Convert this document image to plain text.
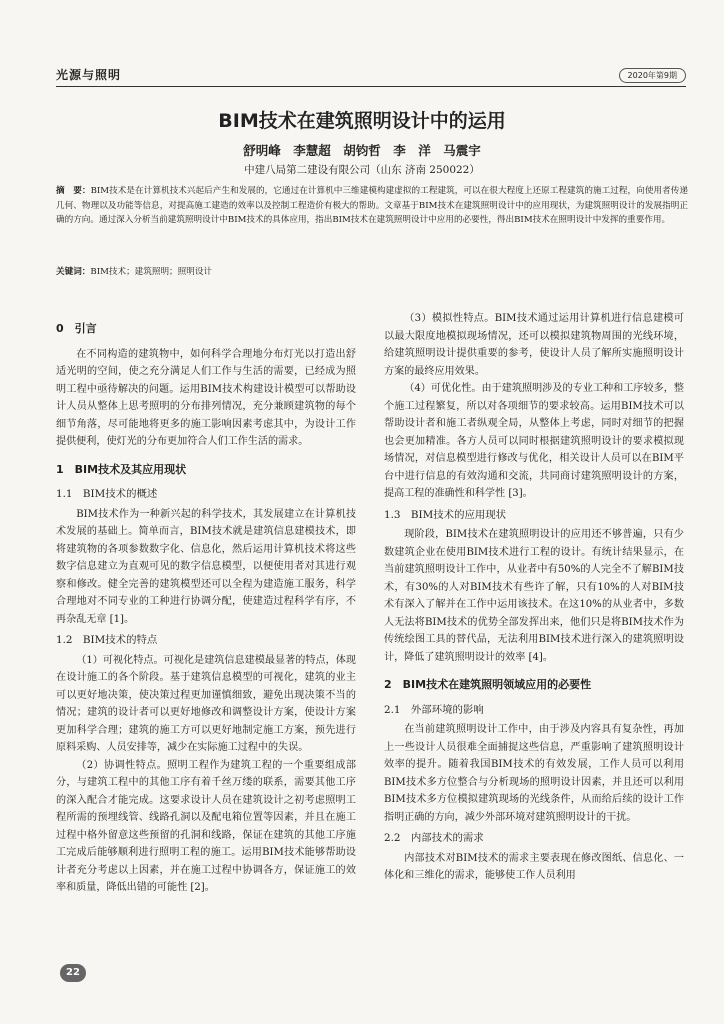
光源与照明	2020年第9期
BIM技术在建筑照明设计中的运用
舒明峰　李慧超　胡钧哲　李　洋　马震宇
中建八局第二建设有限公司（山东 济南 250022）
摘　要：BIM技术是在计算机技术兴起后产生和发展的，它通过在计算机中三维建模构建虚拟的工程建筑，可以在很大程度上还原工程建筑的施工过程，向使用者传递几何、物理以及功能等信息，对提高施工建造的效率以及控制工程造价有极大的帮助。文章基于BIM技术在建筑照明设计中的应用现状，为建筑照明设计的发展指明正确的方向。通过深入分析当前建筑照明设计中BIM技术的具体应用，指出BIM技术在建筑照明设计中应用的必要性，得出BIM技术在照明设计中发挥的重要作用。
关键词：BIM技术；建筑照明；照明设计
0　引言

在不同构造的建筑物中，如何科学合理地分布灯光以打造出舒适光明的空间，使之充分满足人们工作与生活的需要，已经成为照明工程中亟待解决的问题。运用BIM技术构建设计模型可以帮助设计人员从整体上思考照明的分布排列情况，充分兼顾建筑物的每个细节角落，尽可能地将更多的施工影响因素考虑其中，为设计工作提供便利，使灯光的分布更加符合人们工作生活的需求。

1　BIM技术及其应用现状
1.1　BIM技术的概述

BIM技术作为一种新兴起的科学技术，其发展建立在计算机技术发展的基础上。简单而言，BIM技术就是建筑信息建模技术，即将建筑物的各项参数数字化、信息化，然后运用计算机技术将这些数字信息建立为直观可见的数字信息模型，以便使用者对其进行观察和修改。健全完善的建筑模型还可以全程为建造施工服务，科学合理地对不同专业的工种进行协调分配，使建造过程科学有序，不再杂乱无章 [1]。

1.2　BIM技术的特点

（1）可视化特点。可视化是建筑信息建模最显著的特点，体现在设计施工的各个阶段。基于建筑信息模型的可视化，建筑的业主可以更好地决策，使决策过程更加谨慎细致，避免出现决策不当的情况；建筑的设计者可以更好地修改和调整设计方案，使设计方案更加科学合理；建筑的施工方可以更好地制定施工方案，预先进行原料采购、人员安排等，减少在实际施工过程中的失误。

（2）协调性特点。照明工程作为建筑工程的一个重要组成部分，与建筑工程中的其他工序有着千丝万缕的联系，需要其他工序的深入配合才能完成。这要求设计人员在建筑设计之初考虑照明工程所需的预埋线管、线路孔洞以及配电箱位置等因素，并且在施工过程中格外留意这些预留的孔洞和线路，保证在建筑的其他工序施工完成后能够顺利进行照明工程的施工。运用BIM技术能够帮助设计者充分考虑以上因素，并在施工过程中协调各方，保证施工的效率和质量，降低出错的可能性 [2]。

（3）模拟性特点。BIM技术通过运用计算机进行信息建模可以最大限度地模拟现场情况，还可以模拟建筑物周围的光线环境，给建筑照明设计提供重要的参考，使设计人员了解所实施照明设计方案的最终应用效果。

（4）可优化性。由于建筑照明涉及的专业工种和工序较多，整个施工过程繁复，所以对各项细节的要求较高。运用BIM技术可以帮助设计者和施工者纵观全局，从整体上考虑，同时对细节的把握也会更加精准。各方人员可以同时根据建筑照明设计的要求模拟现场情况，对信息模型进行修改与优化，相关设计人员可以在BIM平台中进行信息的有效沟通和交流，共同商讨建筑照明设计的方案，提高工程的准确性和科学性 [3]。

1.3　BIM技术的应用现状

现阶段，BIM技术在建筑照明设计的应用还不够普遍，只有少数建筑企业在使用BIM技术进行工程的设计。有统计结果显示，在当前建筑照明设计工作中，从业者中有50%的人完全不了解BIM技术，有30%的人对BIM技术有些许了解，只有10%的人对BIM技术有深入了解并在工作中运用该技术。在这10%的从业者中，多数人无法将BIM技术的优势全部发挥出来，他们只是将BIM技术作为传统绘图工具的替代品，无法利用BIM技术进行深入的建筑照明设计，降低了建筑照明设计的效率 [4]。

2　BIM技术在建筑照明领域应用的必要性
2.1　外部环境的影响

在当前建筑照明设计工作中，由于涉及内容具有复杂性，再加上一些设计人员很难全面捕捉这些信息，严重影响了建筑照明设计效率的提升。随着我国BIM技术的有效发展，工作人员可以利用BIM技术多方位整合与分析现场的照明设计因素，并且还可以利用BIM技术多方位模拟建筑现场的光线条件，从而给后续的设计工作指明正确的方向，减少外部环境对建筑照明设计的干扰。

2.2　内部技术的需求

内部技术对BIM技术的需求主要表现在修改图纸、信息化、一体化和三维化的需求，能够使工作人员利用

22
